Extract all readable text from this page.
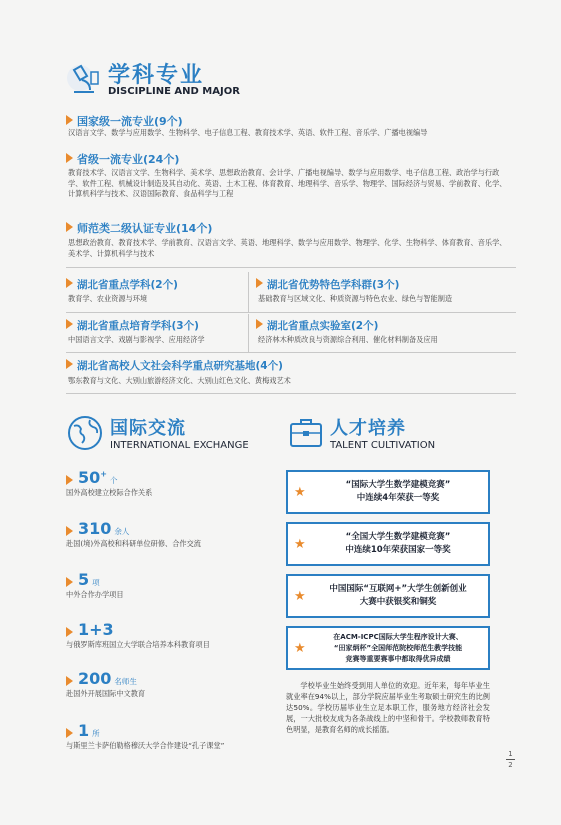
学科专业
DISCIPLINE AND MAJOR
国家级一流专业(9个)
汉语言文学、数学与应用数学、生物科学、电子信息工程、教育技术学、英语、软件工程、音乐学、广播电视编导
省级一流专业(24个)
教育技术学、汉语言文学、生物科学、美术学、思想政治教育、会计学、广播电视编导、数学与应用数学、电子信息工程、政治学与行政学、软件工程、机械设计制造及其自动化、英语、土木工程、体育教育、地理科学、音乐学、物理学、国际经济与贸易、学前教育、化学、计算机科学与技术、汉语国际教育、食品科学与工程
师范类二级认证专业(14个)
思想政治教育、教育技术学、学前教育、汉语言文学、英语、地理科学、数学与应用数学、物理学、化学、生物科学、体育教育、音乐学、美术学、计算机科学与技术
湖北省重点学科(2个)
教育学、农业资源与环境
湖北省优势特色学科群(3个)
基础教育与区域文化、种质资源与特色农业、绿色与智能制造
湖北省重点培育学科(3个)
中国语言文学、戏剧与影视学、应用经济学
湖北省重点实验室(2个)
经济林木种质改良与资源综合利用、催化材料制备及应用
湖北省高校人文社会科学重点研究基地(4个)
鄂东教育与文化、大别山旅游经济文化、大别山红色文化、黄梅戏艺术
国际交流
INTERNATIONAL EXCHANGE
50+个
国外高校建立校际合作关系
310 余人
赴国(境)外高校和科研单位研修、合作交流
5 项
中外合作办学项目
1+3
与俄罗斯库班国立大学联合培养本科教育项目
200 名师生
赴国外开展国际中文教育
1 所
与斯里兰卡萨伯勒格穆沃大学合作建设“孔子课堂”
人才培养
TALENT CULTIVATION
★	“国际大学生数学建模竞赛”
中连续4年荣获一等奖
★	“全国大学生数学建模竞赛”
中连续10年荣获国家一等奖
★	中国国际“互联网+”大学生创新创业
大赛中获银奖和铜奖
★
在ACM-ICPC国际大学生程序设计大赛、
“田家炳杯”全国师范院校师范生教学技能
竞赛等重要赛事中都取得优异成绩
学校毕业生始终受到用人单位的欢迎。近年来，每年毕业生就业率在94%以上，部分学院应届毕业生考取硕士研究生的比例达50%。学校历届毕业生立足本职工作，服务地方经济社会发展，一大批校友成为各条战线上的中坚和骨干。学校教师教育特色明显，是教育名师的成长摇篮。
1
2
